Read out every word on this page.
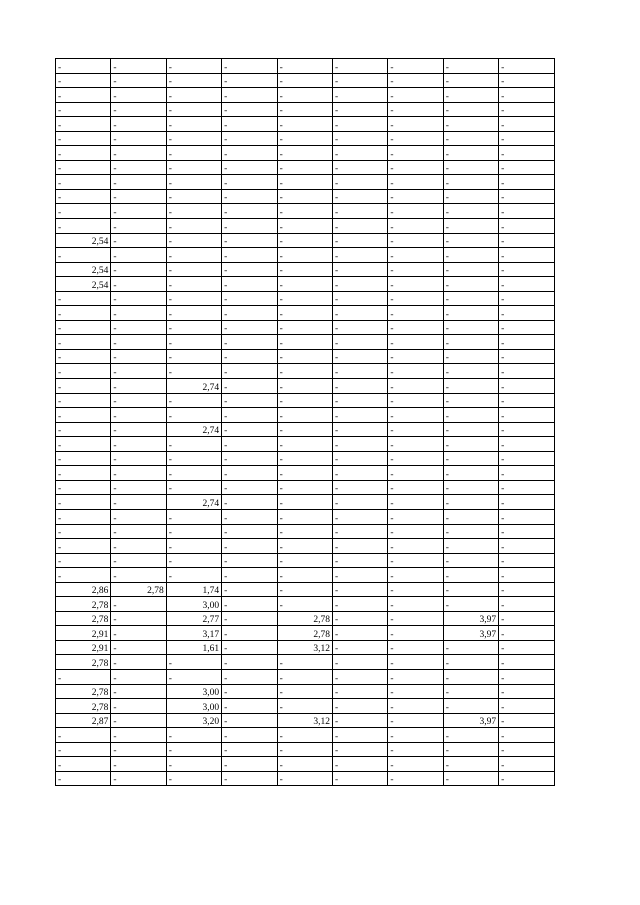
-	-	-	-	-	-	-	-	-
-	-	-	-	-	-	-	-	-
-	-	-	-	-	-	-	-	-
-	-	-	-	-	-	-	-	-
-	-	-	-	-	-	-	-	-
-	-	-	-	-	-	-	-	-
-	-	-	-	-	-	-	-	-
-	-	-	-	-	-	-	-	-
-	-	-	-	-	-	-	-	-
-	-	-	-	-	-	-	-	-
-	-	-	-	-	-	-	-	-
-	-	-	-	-	-	-	-	-
2,54	-	-	-	-	-	-	-	-
-	-	-	-	-	-	-	-	-
2,54	-	-	-	-	-	-	-	-
2,54	-	-	-	-	-	-	-	-
-	-	-	-	-	-	-	-	-
-	-	-	-	-	-	-	-	-
-	-	-	-	-	-	-	-	-
-	-	-	-	-	-	-	-	-
-	-	-	-	-	-	-	-	-
-	-	-	-	-	-	-	-	-
-	-	2,74	-	-	-	-	-	-
-	-	-	-	-	-	-	-	-
-	-	-	-	-	-	-	-	-
-	-	2,74	-	-	-	-	-	-
-	-	-	-	-	-	-	-	-
-	-	-	-	-	-	-	-	-
-	-	-	-	-	-	-	-	-
-	-	-	-	-	-	-	-	-
-	-	2,74	-	-	-	-	-	-
-	-	-	-	-	-	-	-	-
-	-	-	-	-	-	-	-	-
-	-	-	-	-	-	-	-	-
-	-	-	-	-	-	-	-	-
-	-	-	-	-	-	-	-	-
2,86	2,78	1,74	-	-	-	-	-	-
2,78	-	3,00	-	-	-	-	-	-
2,78	-	2,77	-	2,78	-	-	3,97	-
2,91	-	3,17	-	2,78	-	-	3,97	-
2,91	-	1,61	-	3,12	-	-	-	-
2,78	-	-	-	-	-	-	-	-
-	-	-	-	-	-	-	-	-
2,78	-	3,00	-	-	-	-	-	-
2,78	-	3,00	-	-	-	-	-	-
2,87	-	3,20	-	3,12	-	-	3,97	-
-	-	-	-	-	-	-	-	-
-	-	-	-	-	-	-	-	-
-	-	-	-	-	-	-	-	-
-	-	-	-	-	-	-	-	-
